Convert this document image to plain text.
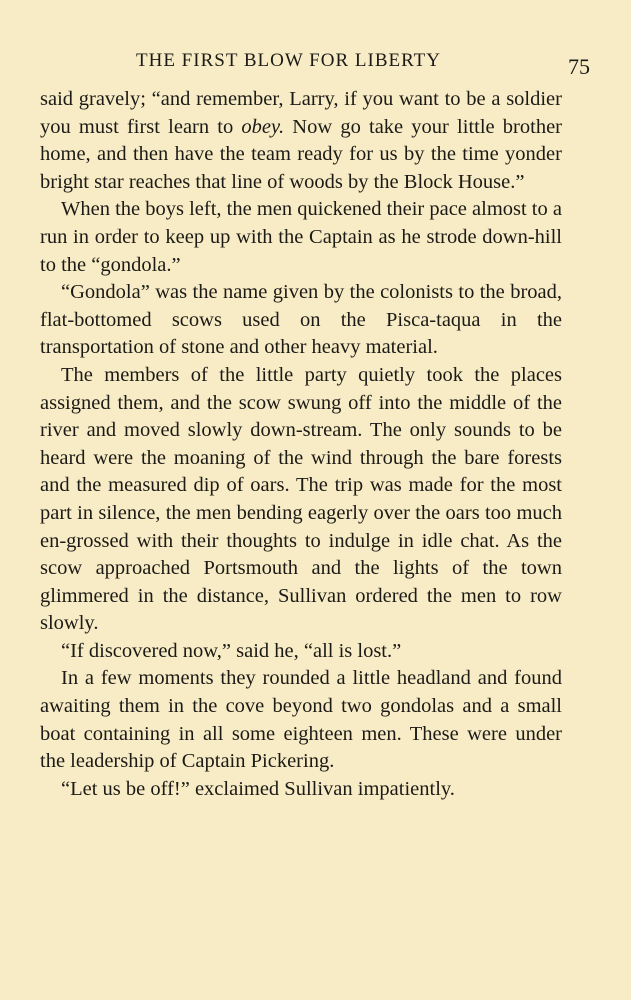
THE FIRST BLOW FOR LIBERTY	75

said gravely; “and remember, Larry, if you want to be a soldier you must first learn to obey. Now go take your little brother home, and then have the team ready for us by the time yonder bright star reaches that line of woods by the Block House.”

When the boys left, the men quickened their pace almost to a run in order to keep up with the Captain as he strode down-hill to the “gondola.”

“Gondola” was the name given by the colonists to the broad, flat-bottomed scows used on the Pisca-taqua in the transportation of stone and other heavy material.

The members of the little party quietly took the places assigned them, and the scow swung off into the middle of the river and moved slowly down-stream. The only sounds to be heard were the moaning of the wind through the bare forests and the measured dip of oars. The trip was made for the most part in silence, the men bending eagerly over the oars too much en-grossed with their thoughts to indulge in idle chat. As the scow approached Portsmouth and the lights of the town glimmered in the distance, Sullivan ordered the men to row slowly.

“If discovered now,” said he, “all is lost.”

In a few moments they rounded a little headland and found awaiting them in the cove beyond two gondolas and a small boat containing in all some eighteen men. These were under the leadership of Captain Pickering.

“Let us be off!” exclaimed Sullivan impatiently.
